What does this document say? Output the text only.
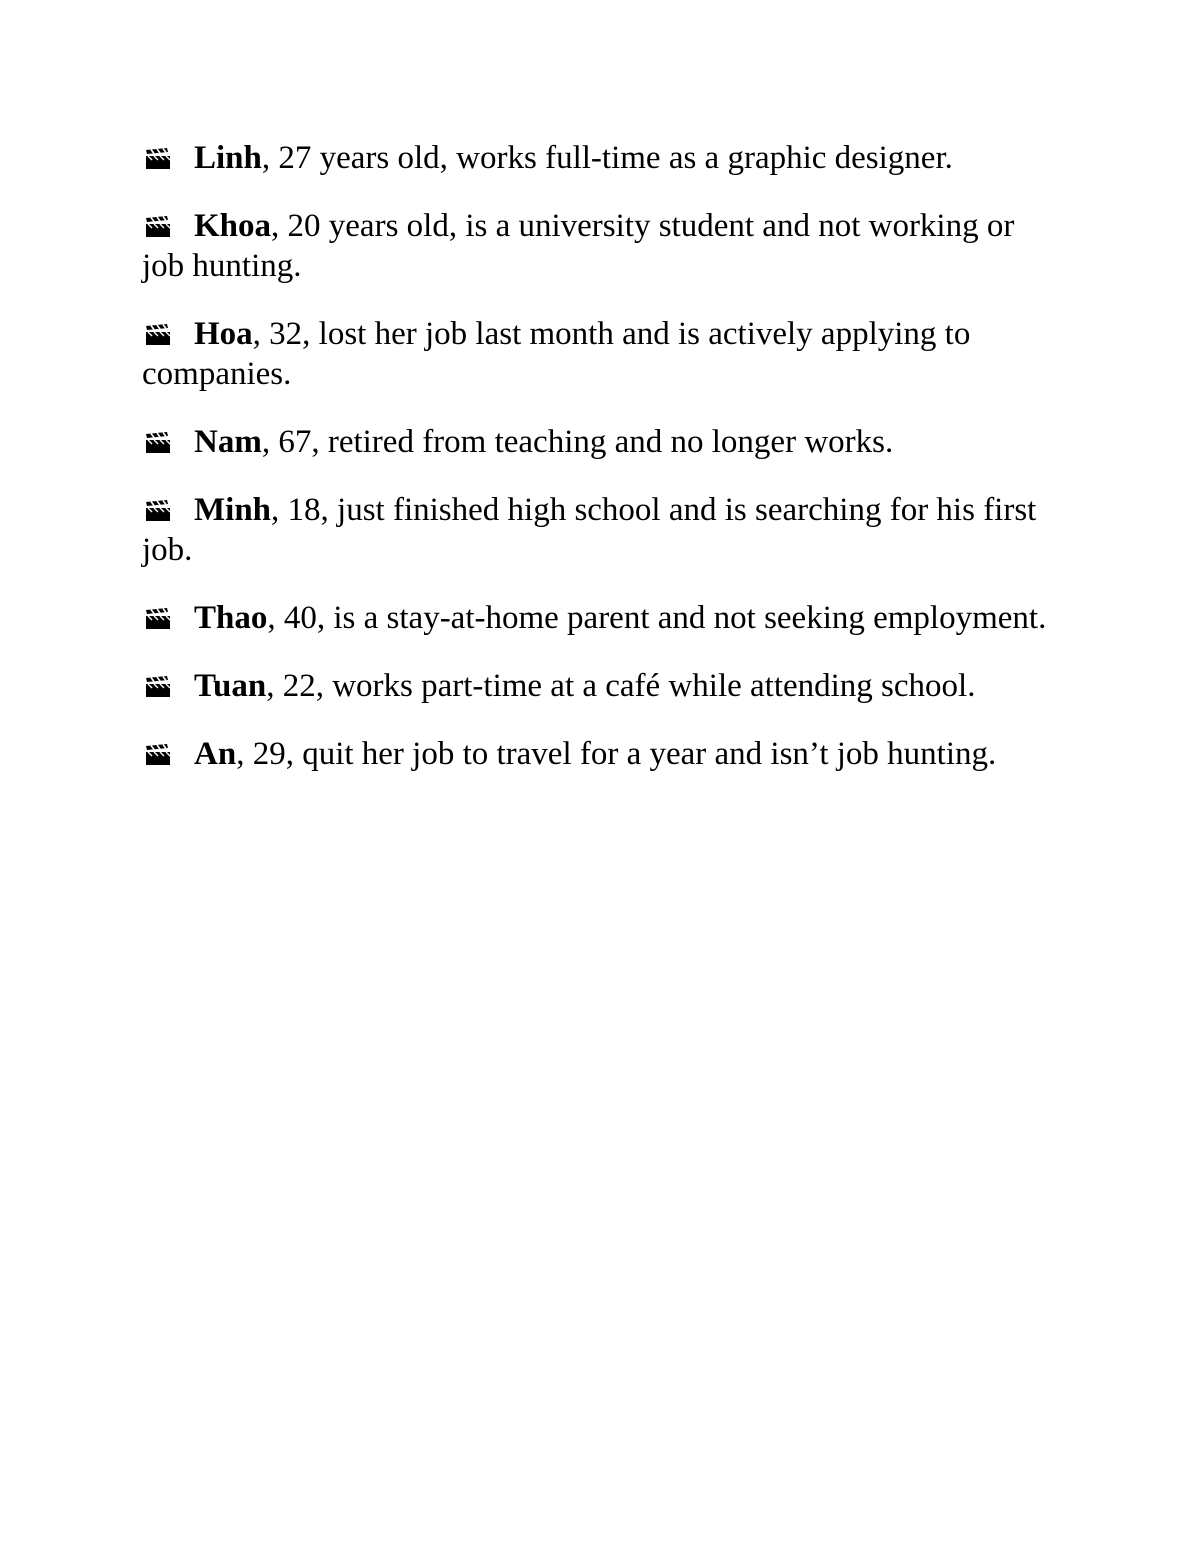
Linh, 27 years old, works full-time as a graphic designer.
Khoa, 20 years old, is a university student and not working or job hunting.
Hoa, 32, lost her job last month and is actively applying to companies.
Nam, 67, retired from teaching and no longer works.
Minh, 18, just finished high school and is searching for his first job.
Thao, 40, is a stay-at-home parent and not seeking employment.
Tuan, 22, works part-time at a café while attending school.
An, 29, quit her job to travel for a year and isn’t job hunting.
